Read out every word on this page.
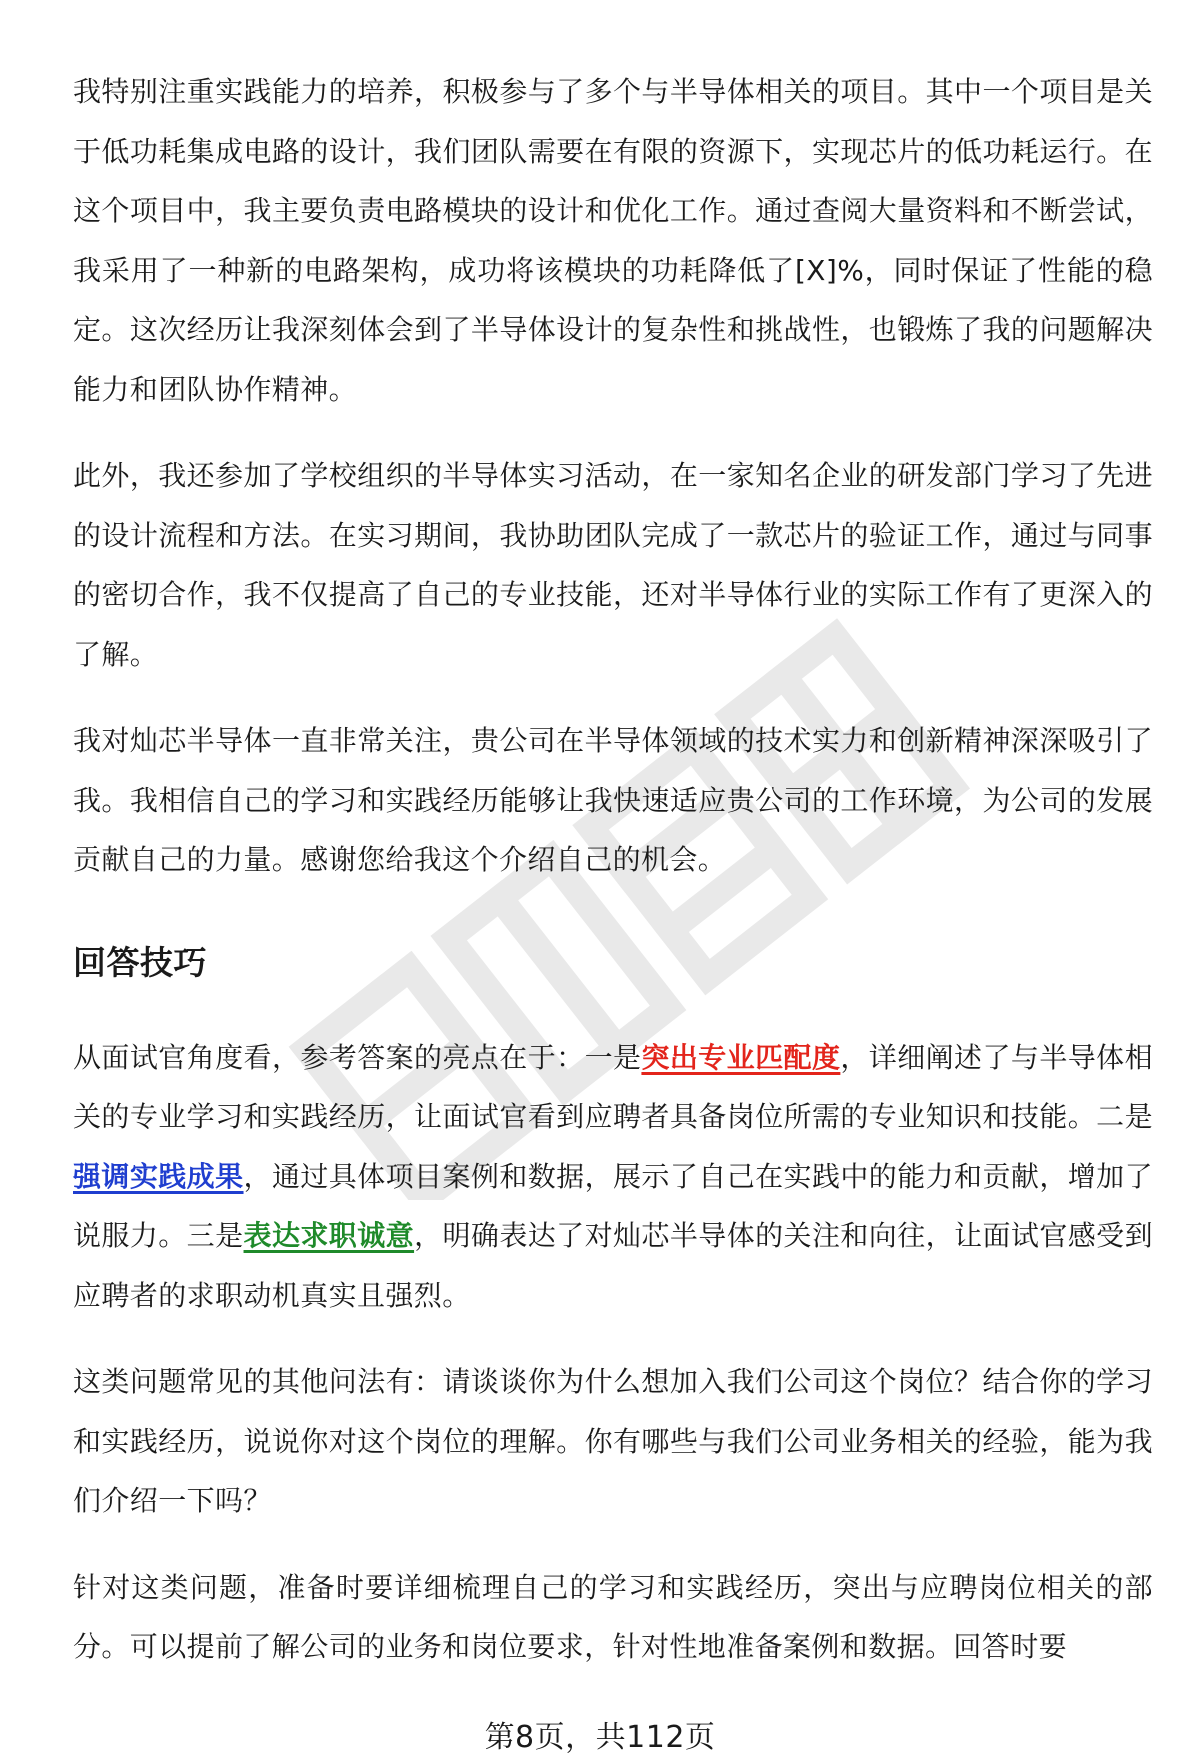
我特别注重实践能力的培养，积极参与了多个与半导体相关的项目。其中一个项目是关于低功耗集成电路的设计，我们团队需要在有限的资源下，实现芯片的低功耗运行。在这个项目中，我主要负责电路模块的设计和优化工作。通过查阅大量资料和不断尝试，我采用了一种新的电路架构，成功将该模块的功耗降低了[X]%，同时保证了性能的稳定。这次经历让我深刻体会到了半导体设计的复杂性和挑战性，也锻炼了我的问题解决能力和团队协作精神。

此外，我还参加了学校组织的半导体实习活动，在一家知名企业的研发部门学习了先进的设计流程和方法。在实习期间，我协助团队完成了一款芯片的验证工作，通过与同事的密切合作，我不仅提高了自己的专业技能，还对半导体行业的实际工作有了更深入的了解。

我对灿芯半导体一直非常关注，贵公司在半导体领域的技术实力和创新精神深深吸引了我。我相信自己的学习和实践经历能够让我快速适应贵公司的工作环境，为公司的发展贡献自己的力量。感谢您给我这个介绍自己的机会。

回答技巧

从面试官角度看，参考答案的亮点在于：一是突出专业匹配度，详细阐述了与半导体相关的专业学习和实践经历，让面试官看到应聘者具备岗位所需的专业知识和技能。二是强调实践成果，通过具体项目案例和数据，展示了自己在实践中的能力和贡献，增加了说服力。三是表达求职诚意，明确表达了对灿芯半导体的关注和向往，让面试官感受到应聘者的求职动机真实且强烈。

这类问题常见的其他问法有：请谈谈你为什么想加入我们公司这个岗位？结合你的学习和实践经历，说说你对这个岗位的理解。你有哪些与我们公司业务相关的经验，能为我们介绍一下吗？

针对这类问题，准备时要详细梳理自己的学习和实践经历，突出与应聘岗位相关的部分。可以提前了解公司的业务和岗位要求，针对性地准备案例和数据。回答时要

第8页，共112页
